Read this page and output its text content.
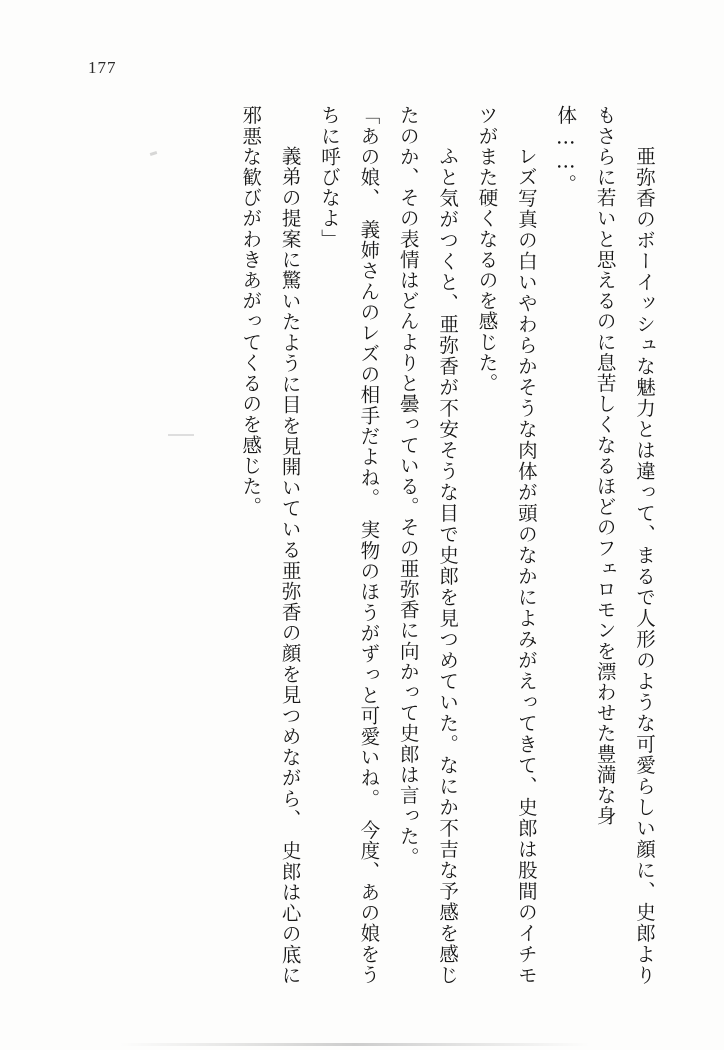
177

　亜弥香のボーイッシュな魅力とは違って、まるで人形のような可愛らしい顔に、史郎よりもさらに若いと思えるのに息苦しくなるほどのフェロモンを漂わせた豊満な身

体……。

　レズ写真の白いやわらかそうな肉体が頭のなかによみがえってきて、史郎は股間のイチモツがまた硬くなるのを感じた。

　ふと気がつくと、亜弥香が不安そうな目で史郎を見つめていた。なにか不吉な予感を感じたのか、その表情はどんよりと曇っている。その亜弥香に向かって史郎は言った。

「あの娘、　義姉さんのレズの相手だよね。　実物のほうがずっと可愛いね。　今度、あの娘をうちに呼びなよ」

　義弟の提案に驚いたように目を見開いている亜弥香の顔を見つめながら、　史郎は心の底に邪悪な歓びがわきあがってくるのを感じた。
